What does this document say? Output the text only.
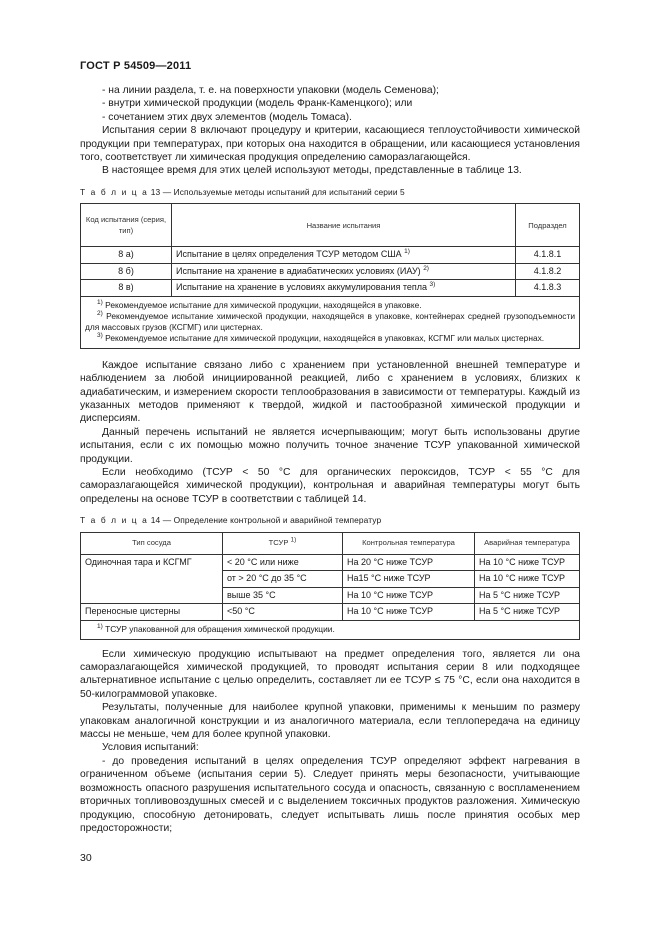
ГОСТ Р 54509—2011

- на линии раздела, т. е. на поверхности упаковки (модель Семенова);

- внутри химической продукции (модель Франк-Каменцкого); или

- сочетанием этих двух элементов (модель Томаса).

Испытания серии 8 включают процедуру и критерии, касающиеся теплоустойчивости химической продукции при температурах, при которых она находится в обращении, или касающиеся установления того, соответствует ли химическая продукция определению саморазлагающейся.

В настоящее время для этих целей используют методы, представленные в таблице 13.

Т а б л и ц а 13 — Используемые методы испытаний для испытаний серии 5
Код испытания (серия, тип)	Название испытания	Подраздел
8 а)	Испытание в целях определения ТСУР методом США $^{1)}$	4.1.8.1
8 б)	Испытание на хранение в адиабатических условиях (ИАУ) $^{2)}$	4.1.8.2
8 в)	Испытание на хранение в условиях аккумулирования тепла $^{3)}$	4.1.8.3

$^{1)}$ Рекомендуемое испытание для химической продукции, находящейся в упаковке.
$^{2)}$ Рекомендуемое испытание химической продукции, находящейся в упаковке, контейнерах средней грузоподъемности для массовых грузов (КСГМГ) или цистернах.
$^{3)}$ Рекомендуемое испытание для химической продукции, находящейся в упаковках, КСГМГ или малых цистернах.		

Каждое испытание связано либо с хранением при установленной внешней температуре и наблюдением за любой инициированной реакцией, либо с хранением в условиях, близких к адиабатическим, и измерением скорости теплообразования в зависимости от температуры. Каждый из указанных методов применяют к твердой, жидкой и пастообразной химической продукции и дисперсиям.

Данный перечень испытаний не является исчерпывающим; могут быть использованы другие испытания, если с их помощью можно получить точное значение ТСУР упакованной химической продукции.

Если необходимо (ТСУР < 50 °С для органических пероксидов, ТСУР < 55 °С для саморазлагающейся химической продукции), контрольная и аварийная температуры могут быть определены на основе ТСУР в соответствии с таблицей 14.

Т а б л и ц а 14 — Определение контрольной и аварийной температур
Тип сосуда	ТСУР $^{1)}$	Контрольная температура	Аварийная температура
Одиночная тара и КСГМГ	< 20 °С или ниже	На 20 °С ниже ТСУР	На 10 °С ниже ТСУР
	от > 20 °С до 35 °С	На15 °С ниже ТСУР	На 10 °С ниже ТСУР
	выше 35 °С	На 10 °С ниже ТСУР	На 5 °С ниже ТСУР
Переносные цистерны	<50 °С	На 10 °С ниже ТСУР	На 5 °С ниже ТСУР

$^{1)}$ ТСУР упакованной для обращения химической продукции.			

Если химическую продукцию испытывают на предмет определения того, является ли она саморазлагающейся химической продукцией, то проводят испытания серии 8 или подходящее альтернативное испытание с целью определить, составляет ли ее ТСУР ≤ 75 °С, если она находится в 50-килограммовой упаковке.

Результаты, полученные для наиболее крупной упаковки, применимы к меньшим по размеру упаковкам аналогичной конструкции и из аналогичного материала, если теплопередача на единицу массы не меньше, чем для более крупной упаковки.

Условия испытаний:

- до проведения испытаний в целях определения ТСУР определяют эффект нагревания в ограниченном объеме (испытания серии 5). Следует принять меры безопасности, учитывающие возможность опасного разрушения испытательного сосуда и опасность, связанную с воспламенением вторичных топливовоздушных смесей и с выделением токсичных продуктов разложения. Химическую продукцию, способную детонировать, следует испытывать лишь после принятия особых мер предосторожности;

30
